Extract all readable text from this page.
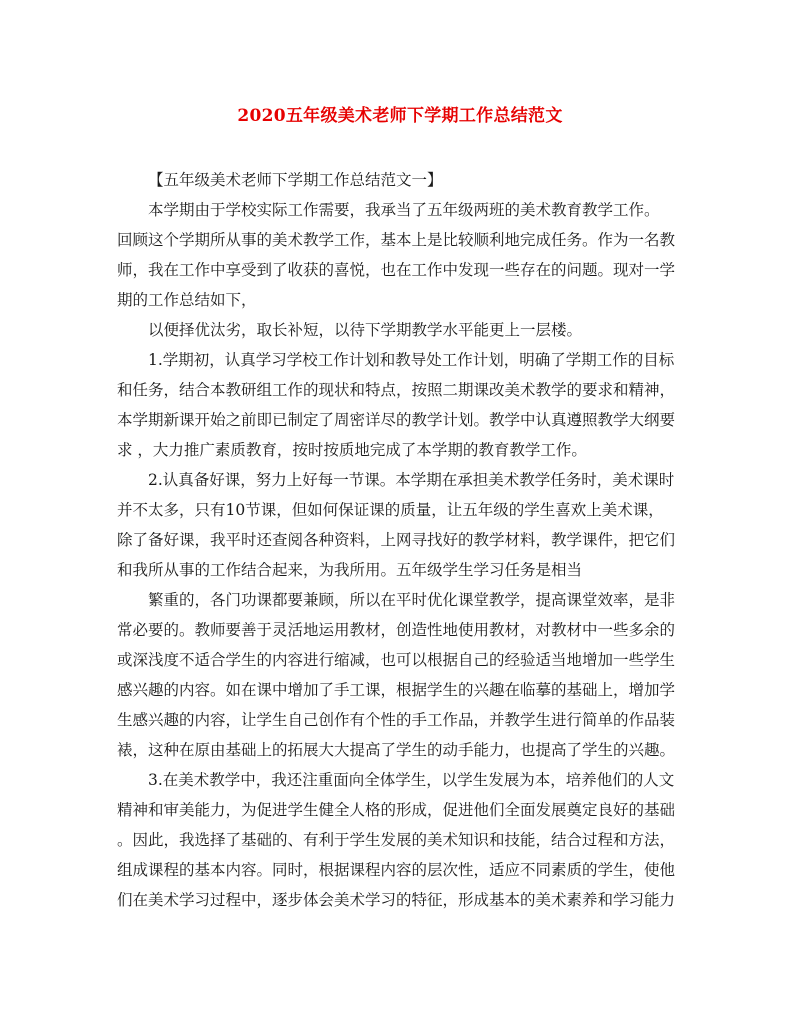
2020五年级美术老师下学期工作总结范文
【五年级美术老师下学期工作总结范文一】
本学期由于学校实际工作需要，我承当了五年级两班的美术教育教学工作。
回顾这个学期所从事的美术教学工作，基本上是比较顺利地完成任务。作为一名教
师，我在工作中享受到了收获的喜悦，也在工作中发现一些存在的问题。现对一学
期的工作总结如下，
以便择优汰劣，取长补短，以待下学期教学水平能更上一层楼。
1.学期初，认真学习学校工作计划和教导处工作计划，明确了学期工作的目标
和任务，结合本教研组工作的现状和特点，按照二期课改美术教学的要求和精神，
本学期新课开始之前即已制定了周密详尽的教学计划。教学中认真遵照教学大纲要
求 ，大力推广素质教育，按时按质地完成了本学期的教育教学工作。
2.认真备好课，努力上好每一节课。本学期在承担美术教学任务时，美术课时
并不太多，只有10节课，但如何保证课的质量，让五年级的学生喜欢上美术课，
除了备好课，我平时还查阅各种资料，上网寻找好的教学材料，教学课件，把它们
和我所从事的工作结合起来，为我所用。五年级学生学习任务是相当
繁重的，各门功课都要兼顾，所以在平时优化课堂教学，提高课堂效率，是非
常必要的。教师要善于灵活地运用教材，创造性地使用教材，对教材中一些多余的
或深浅度不适合学生的内容进行缩减，也可以根据自己的经验适当地增加一些学生
感兴趣的内容。如在课中增加了手工课，根据学生的兴趣在临摹的基础上，增加学
生感兴趣的内容，让学生自己创作有个性的手工作品，并教学生进行简单的作品装
裱，这种在原由基础上的拓展大大提高了学生的动手能力，也提高了学生的兴趣。
3.在美术教学中，我还注重面向全体学生，以学生发展为本，培养他们的人文
精神和审美能力，为促进学生健全人格的形成，促进他们全面发展奠定良好的基础
。因此，我选择了基础的、有利于学生发展的美术知识和技能，结合过程和方法，
组成课程的基本内容。同时，根据课程内容的层次性，适应不同素质的学生，使他
们在美术学习过程中，逐步体会美术学习的特征，形成基本的美术素养和学习能力
